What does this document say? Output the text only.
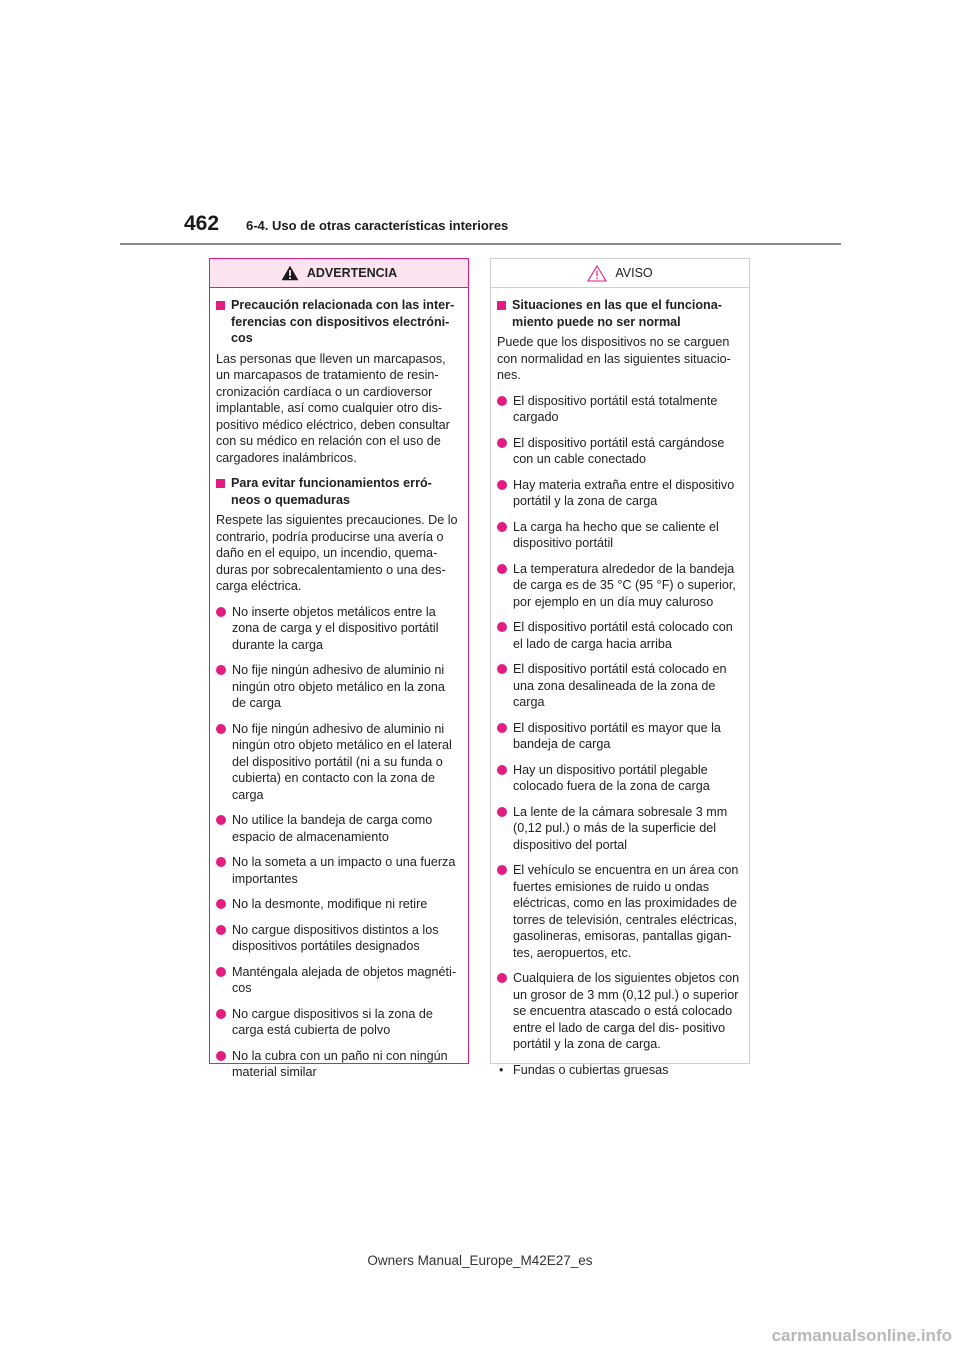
462 6-4. Uso de otras características interiores
ADVERTENCIA
Precaución relacionada con las inter- ferencias con dispositivos electróni- cos
Las personas que lleven un marcapasos, un marcapasos de tratamiento de resin- cronización cardíaca o un cardioversor implantable, así como cualquier otro dis- positivo médico eléctrico, deben consultar con su médico en relación con el uso de cargadores inalámbricos.
Para evitar funcionamientos erró- neos o quemaduras
Respete las siguientes precauciones. De lo contrario, podría producirse una avería o daño en el equipo, un incendio, quema- duras por sobrecalentamiento o una des- carga eléctrica.
No inserte objetos metálicos entre la zona de carga y el dispositivo portátil durante la carga
No fije ningún adhesivo de aluminio ni ningún otro objeto metálico en la zona de carga
No fije ningún adhesivo de aluminio ni ningún otro objeto metálico en el lateral del dispositivo portátil (ni a su funda o cubierta) en contacto con la zona de carga
No utilice la bandeja de carga como espacio de almacenamiento
No la someta a un impacto o una fuerza importantes
No la desmonte, modifique ni retire
No cargue dispositivos distintos a los dispositivos portátiles designados
Manténgala alejada de objetos magnéti- cos
No cargue dispositivos si la zona de carga está cubierta de polvo
No la cubra con un paño ni con ningún material similar
AVISO
Situaciones en las que el funciona- miento puede no ser normal
Puede que los dispositivos no se carguen con normalidad en las siguientes situacio- nes.
El dispositivo portátil está totalmente cargado
El dispositivo portátil está cargándose con un cable conectado
Hay materia extraña entre el dispositivo portátil y la zona de carga
La carga ha hecho que se caliente el dispositivo portátil
La temperatura alrededor de la bandeja de carga es de 35 °C (95 °F) o superior, por ejemplo en un día muy caluroso
El dispositivo portátil está colocado con el lado de carga hacia arriba
El dispositivo portátil está colocado en una zona desalineada de la zona de carga
El dispositivo portátil es mayor que la bandeja de carga
Hay un dispositivo portátil plegable colocado fuera de la zona de carga
La lente de la cámara sobresale 3 mm (0,12 pul.) o más de la superficie del dispositivo del portal
El vehículo se encuentra en un área con fuertes emisiones de ruido u ondas eléctricas, como en las proximidades de torres de televisión, centrales eléctricas, gasolineras, emisoras, pantallas gigan- tes, aeropuertos, etc.
Cualquiera de los siguientes objetos con un grosor de 3 mm (0,12 pul.) o superior se encuentra atascado o está colocado entre el lado de carga del dis- positivo portátil y la zona de carga.
• Fundas o cubiertas gruesas
Owners Manual_Europe_M42E27_es
carmanualsonline.info
